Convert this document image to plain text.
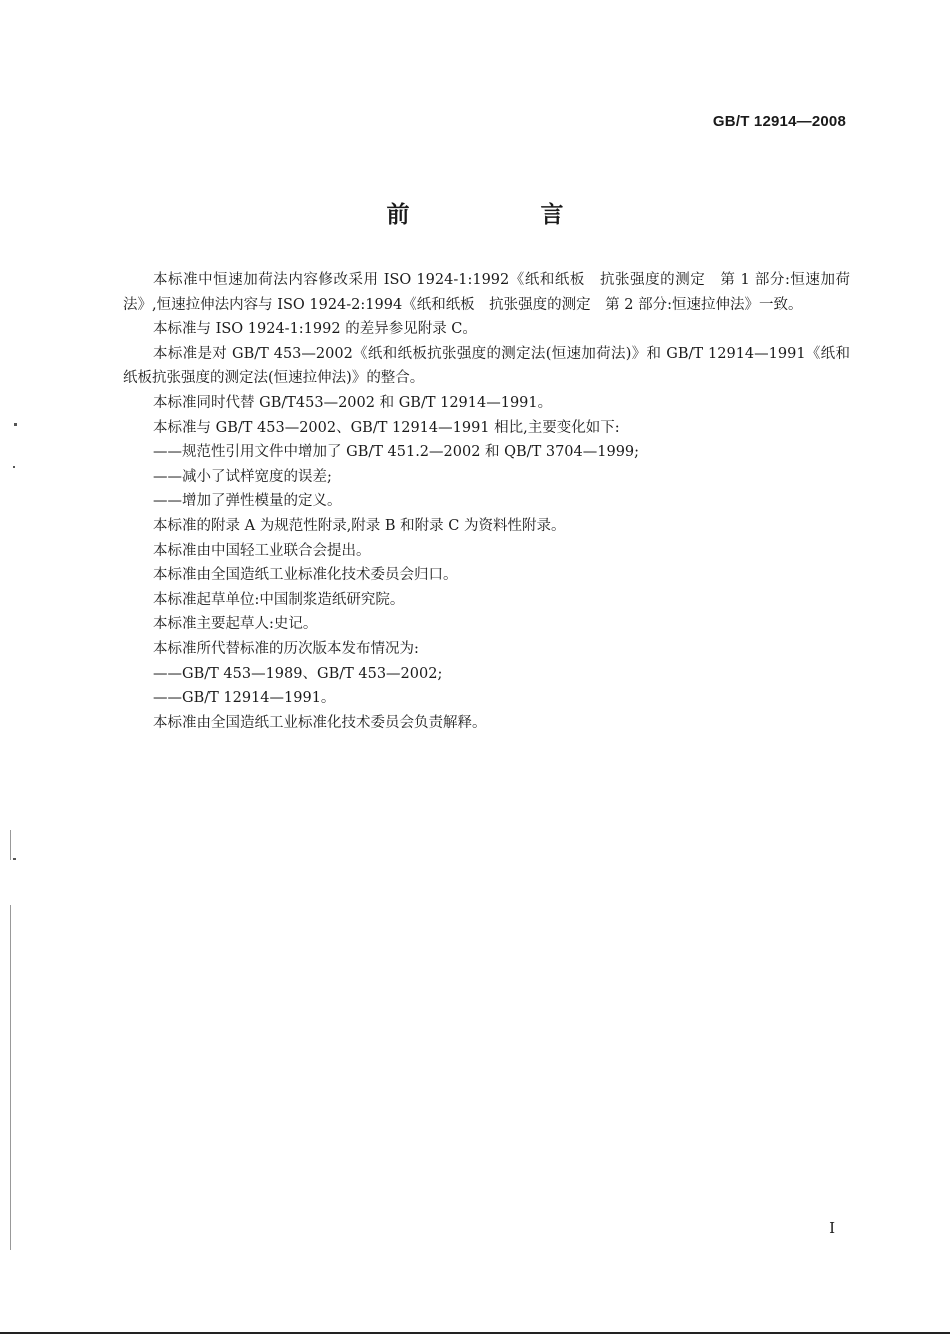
GB/T 12914—2008
前　言

本标准中恒速加荷法内容修改采用 ISO 1924-1:1992《纸和纸板　抗张强度的测定　第 1 部分:恒速加荷法》,恒速拉伸法内容与 ISO 1924-2:1994《纸和纸板　抗张强度的测定　第 2 部分:恒速拉伸法》一致。

本标准与 ISO 1924-1:1992 的差异参见附录 C。

本标准是对 GB/T 453—2002《纸和纸板抗张强度的测定法(恒速加荷法)》和 GB/T 12914—1991《纸和纸板抗张强度的测定法(恒速拉伸法)》的整合。

本标准同时代替 GB/T453—2002 和 GB/T 12914—1991。

本标准与 GB/T 453—2002、GB/T 12914—1991 相比,主要变化如下:

——规范性引用文件中增加了 GB/T 451.2—2002 和 QB/T 3704—1999;

——减小了试样宽度的误差;

——增加了弹性模量的定义。

本标准的附录 A 为规范性附录,附录 B 和附录 C 为资料性附录。

本标准由中国轻工业联合会提出。

本标准由全国造纸工业标准化技术委员会归口。

本标准起草单位:中国制浆造纸研究院。

本标准主要起草人:史记。

本标准所代替标准的历次版本发布情况为:

——GB/T 453—1989、GB/T 453—2002;

——GB/T 12914—1991。

本标准由全国造纸工业标准化技术委员会负责解释。

I
